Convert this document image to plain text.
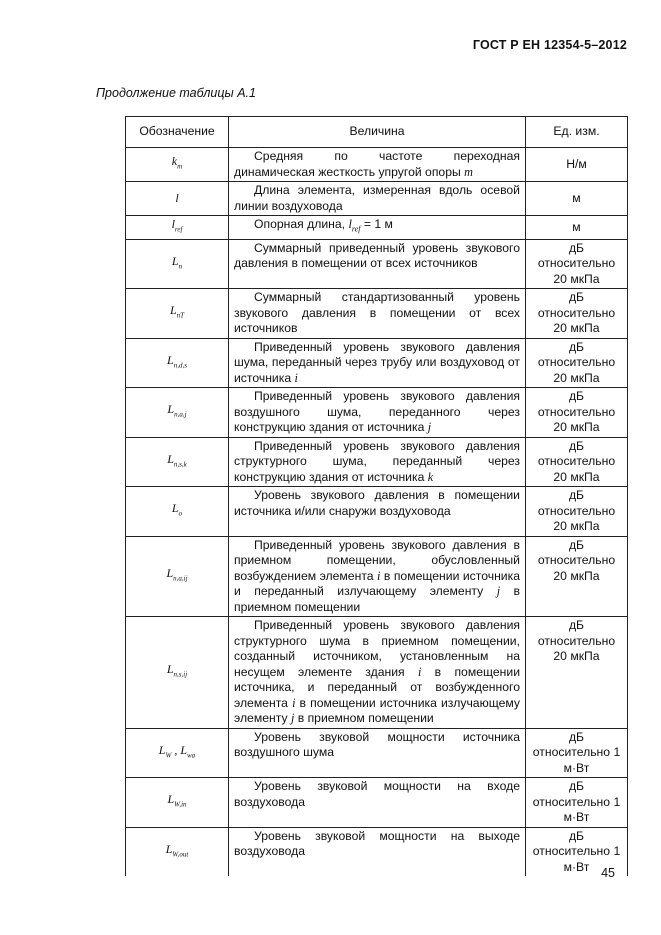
ГОСТ Р ЕН 12354-5–2012
Продолжение таблицы А.1
Обозначение	Величина	Ед. изм.
$k_m$	Средняя по частоте переходная динамическая жесткость упругой опоры m	Н/м
l	Длина элемента, измеренная вдоль осевой линии воздуховода	м
$l_{ref}$	Опорная длина, $l_{ref} = 1$ м	м
$L_n$	Суммарный приведенный уровень звукового давления в помещении от всех источников	дБ относительно 20 мкПа
$L_{nT}$	Суммарный стандартизованный уровень звукового давления в помещении от всех источников	дБ относительно 20 мкПа
$L_{n,d,s}$	Приведенный уровень звукового давления шума, переданный через трубу или воздуховод от источника i	дБ относительно 20 мкПа
$L_{n,a,j}$	Приведенный уровень звукового давления воздушного шума, переданного через конструкцию здания от источника j	дБ относительно 20 мкПа
$L_{n,s,k}$	Приведенный уровень звукового давления структурного шума, переданный через конструкцию здания от источника k	дБ относительно 20 мкПа
$L_o$	Уровень звукового давления в помещении источника и/или снаружи воздуховода	дБ относительно 20 мкПа
$L_{n,a,ij}$	Приведенный уровень звукового давления в приемном помещении, обусловленный возбуждением элемента i в помещении источника и переданный излучающему элементу j в приемном помещении	дБ относительно 20 мкПа
$L_{n,s,ij}$	Приведенный уровень звукового давления структурного шума в приемном помещении, созданный источником, установленным на несущем элементе здания i в помещении источника, и переданный от возбужденного элемента i в помещении источника излучающему элементу j в приемном помещении	дБ относительно 20 мкПа
$L_W$ , $L_{wa}$	Уровень звуковой мощности источника воздушного шума	дБ относительно 1 м·Вт
$L_{W,in}$	Уровень звуковой мощности на входе воздуховода	дБ относительно 1 м·Вт
$L_{W,out}$	Уровень звуковой мощности на выходе воздуховода	дБ относительно 1 м·Вт 45
